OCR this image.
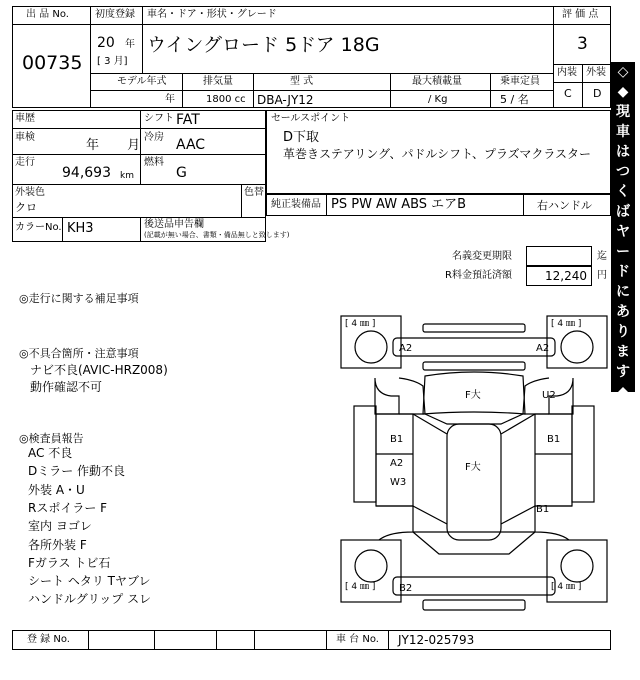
出 品 No.
00735
初度登録
20 年
[ 3 月]
車名・ドア・形状・グレード
ウイングロード 5ドア 18G
評 価 点
3
内装 外装
C D
モデル年式
年
排気量
1800 cc
型 式
DBA-JY12
最大積載量
/ Kg
乗車定員
5 / 名
車歴	シフト FAT
車検
年 月
冷房 AAC
走行
94,693 km
燃料
G
外装色
クロ
色替
カラーNo. KH3	後送品申告欄
(記載が無い場合、書類・備品無しと致します)
セールスポイント
D下取
革巻きステアリング、パドルシフト、プラズマクラスター
純正装備品 PS PW AW ABS エアB	右ハンドル
名義変更期限	迄
R料金預託済額	12,240 円
◇
◆
現
車
は
つ
く
ば
ヤ
ー
ド
に
あ
り
ま
す
◆
◇
◎走行に関する補足事項
◎不具合箇所・注意事項
ナビ不良(AVIC-HRZ008)
動作確認不可
◎検査員報告
AC 不良
Dミラー 作動不良
外装 A・U
Rスポイラー F
室内 ヨゴレ
各所外装 F
Fガラス トビ石
シート ヘタリ Tヤブレ
ハンドルグリップ スレ
[ 4 ㎜ ]	[ 4 ㎜ ]
[ 4 ㎜ ]	[ 4 ㎜ ]
A2	A2
F大	U2
B1	B1
A2
W3
F大
B1
B2
登 録 No.	車 台 No. JY12-025793
